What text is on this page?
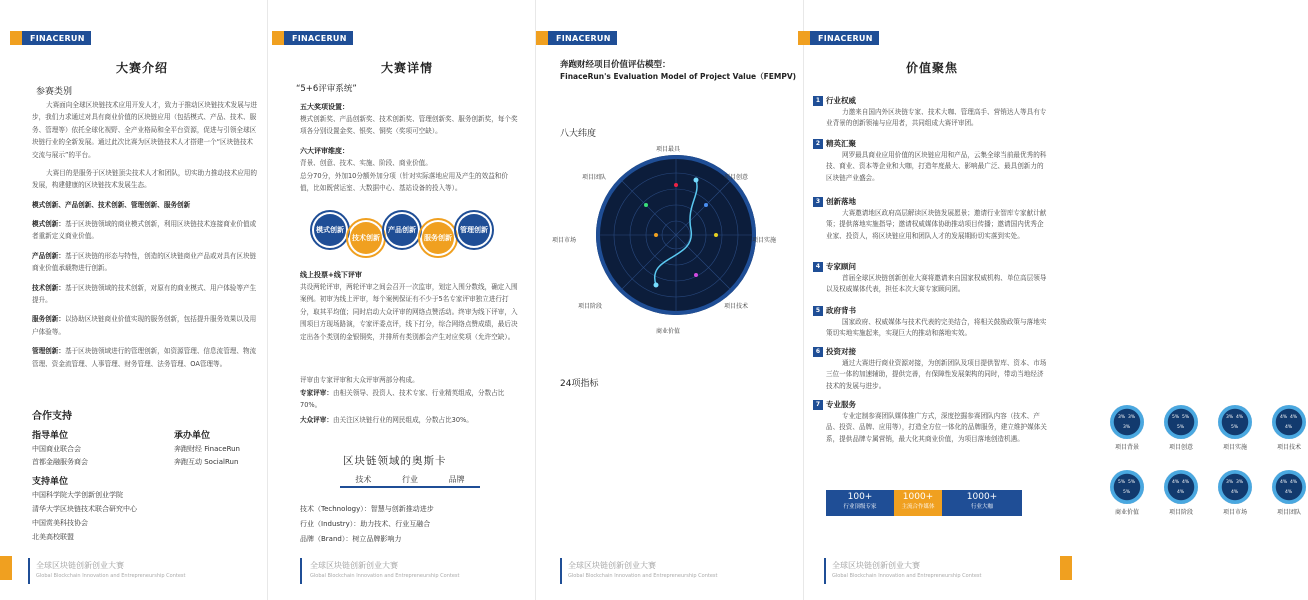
FINACERUN
大赛介绍
参赛类别
大赛面向全球区块链技术应用开发人才，致力于推动区块链技术发展与进步，我们力求通过对具有商业价值的区块链应用（包括模式、产品、技术、服务、管理等）依托全球化视野、全产业格局和全平台资源，促进与引领全球区块链行业的全新发展。通过此次比赛为区块链技术人才搭建一个“区块链技术交流与展示”的平台。
大赛目的是服务于区块链顶尖技术人才和团队，切实助力推动技术应用的发展，构建健康的区块链技术发展生态。
模式创新、产品创新、技术创新、管理创新、服务创新
模式创新：基于区块链领域的商业模式创新，利用区块链技术连接商业价值或者重新定义商业价值。
产品创新：基于区块链的形态与特性，创造的区块链商业产品或对具有区块链商业价值承载物进行创新。
技术创新：基于区块链领域的技术创新，对原有的商业模式、用户体验等产生提升。
服务创新：以协助区块链商业价值实现的服务创新，包括提升服务效果以及用户体验等。
管理创新：基于区块链领域进行的管理创新，如资源管理、信息流管理、物流管理、资金流管理、人事管理、财务管理、法务管理、OA管理等。
合作支持
指导单位
中国商业联合会
首都金融服务商会
承办单位
奔跑财经 FinaceRun
奔跑互动 SocialRun
支持单位
中国科学院大学创新创业学院
清华大学区块链技术联合研究中心
中国赏美科技协会
北美高校联盟
全球区块链创新创业大赛
Global Blockchain Innovation and Entrepreneurship Contest
FINACERUN
大赛详情
“5+6评审系统”
五大奖项设置：
模式创新奖、产品创新奖、技术创新奖、管理创新奖、服务创新奖，每个奖项各分别设置金奖、银奖、铜奖（奖项可空缺）。
六大评审维度：
背景、创意、技术、实施、阶段、商业价值。
总分70分，外加10分额外加分项（针对实际落地应用及产生的效益和价值，比如既营运室、大数据中心、基站设备的投入等）。
模式创新
技术创新
产品创新
服务创新
管理创新
线上投票+线下评审
共设两轮评审，两轮评审之间会召开一次监审，划定入围分数线，确定入围案例。初审为线上评审，每个案例保证有不少于5名专家评审独立进行打分，取其平均值；同时启动大众评审的网络点赞活动。终审为线下评审，入围项目方现场路演，专家评委点评，线下打分，综合网络点赞成绩，最后决定出各个类别的金银铜奖，并排所有类别都会产生对应奖项（允许空缺）。
评审由专家评审和大众评审两部分构成。
专家评审：由相关领导、投资人、技术专家、行业精英组成，分数占比70%。
大众评审：由关注区块链行业的网民组成，分数占比30%。
区块链领域的奥斯卡
技术	行业	品牌
技术（Technology）：智慧与创新推动进步
行业（Industry）：助力技术、行业互融合
品牌（Brand）：树立品牌影响力
全球区块链创新创业大赛
Global Blockchain Innovation and Entrepreneurship Contest
FINACERUN
奔跑财经项目价值评估模型：
FinaceRun's Evaluation Model of Project Value（FEMPV)
八大纬度
项目最具
项目实施
项目技术
商业价值
项目阶段
项目市场
项目团队	项目创意
24项指标
3% 3%
3%
项目背景
5% 5%
5%
项目创意
3% 4%
5%
项目实施
4% 4%
4%
项目技术
5% 5%
5%
商业价值
4% 4%
4%
项目阶段
3% 3%
4%
项目市场
4% 4%
4%
项目团队
全球区块链创新创业大赛
Global Blockchain Innovation and Entrepreneurship Contest
FINACERUN
价值聚焦
全球区块链创新创业大赛
Global Blockchain Innovation and Entrepreneurship Contest
1 行业权威
力邀来自国内外区块链专家、技术大咖、管理高手、营销达人等具有专业背景的创新领袖与应用者，共同组成大赛评审团。
2 精英汇聚
网罗最具商业应用价值的区块链应用和产品，云集全球当前最优秀的科技、商业、资本等企业和大咖，打造年度最大、影响最广泛、最具创新力的区块链产业盛会。
3 创新落地
大赛邀请地区政府高层解读区块链发展愿景；邀请行业智库专家献计献策；提供落地实施指导；邀请权威媒体协助推动项目传播；邀请国内优秀企业家、投资人，将区块链应用和团队人才的发展期盼切实落到实处。
4 专家顾问
首届全球区块链创新创业大赛将邀请来自国家权威机构、单位高层领导以及权威媒体代表，担任本次大赛专家顾问团。
5 政府背书
国家政府、权威媒体与技术代表的完美结合，将相关鼓励政策与落地实策切实地实施起来，实现巨大的推动和落地实效。
6 投资对接
通过大赛进行商业资源对接，为创新团队及项目提供智库、资本、市场三位一体的加速辅助，提供完善，有保障性发展架构的同时，带动当地经济技术的发展与进步。
7 专业服务
专业定制参赛团队媒体推广方式，深度挖掘参赛团队内容（技术、产品、投资、品牌、应用等），打造全方位一体化的品牌服务，建立维护媒体关系，提供品牌专属营销，最大化其商业价值，为项目落地创造机遇。
100+
行业顶级专家
1000+
主流合作媒体
1000+
行业大咖
